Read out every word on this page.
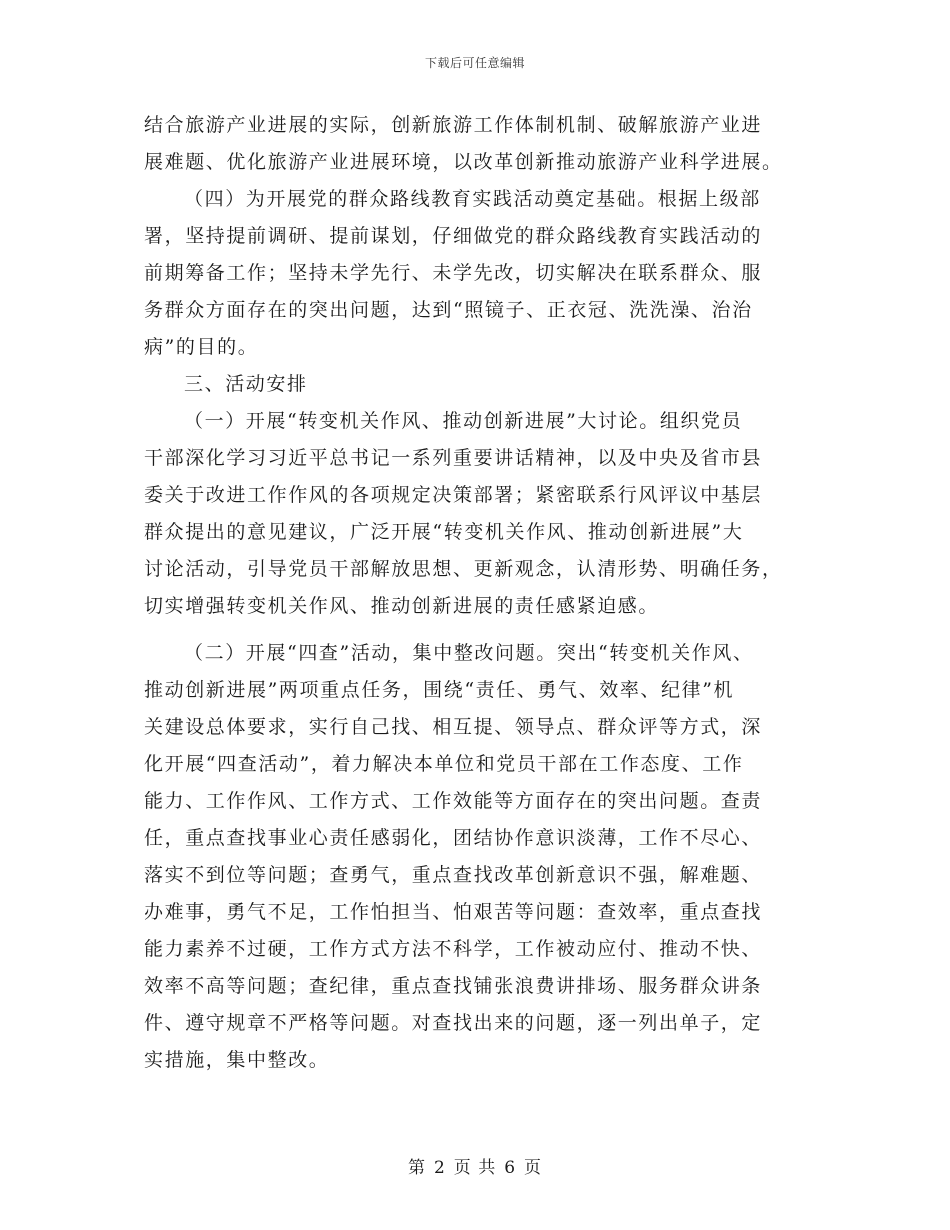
下载后可任意编辑

结合旅游产业进展的实际，创新旅游工作体制机制、破解旅游产业进

展难题、优化旅游产业进展环境，以改革创新推动旅游产业科学进展。

（四）为开展党的群众路线教育实践活动奠定基础。根据上级部

署，坚持提前调研、提前谋划，仔细做党的群众路线教育实践活动的

前期筹备工作；坚持未学先行、未学先改，切实解决在联系群众、服

务群众方面存在的突出问题，达到“照镜子、正衣冠、洗洗澡、治治

病”的目的。

三、活动安排

（一）开展“转变机关作风、推动创新进展”大讨论。组织党员

干部深化学习习近平总书记一系列重要讲话精神，以及中央及省市县

委关于改进工作作风的各项规定决策部署；紧密联系行风评议中基层

群众提出的意见建议，广泛开展“转变机关作风、推动创新进展”大

讨论活动，引导党员干部解放思想、更新观念，认清形势、明确任务，

切实增强转变机关作风、推动创新进展的责任感紧迫感。

（二）开展“四查”活动，集中整改问题。突出“转变机关作风、

推动创新进展”两项重点任务，围绕“责任、勇气、效率、纪律”机

关建设总体要求，实行自己找、相互提、领导点、群众评等方式，深

化开展“四查活动”，着力解决本单位和党员干部在工作态度、工作

能力、工作作风、工作方式、工作效能等方面存在的突出问题。查责

任，重点查找事业心责任感弱化，团结协作意识淡薄，工作不尽心、

落实不到位等问题；查勇气，重点查找改革创新意识不强，解难题、

办难事，勇气不足，工作怕担当、怕艰苦等问题：查效率，重点查找

能力素养不过硬，工作方式方法不科学，工作被动应付、推动不快、

效率不高等问题；查纪律，重点查找铺张浪费讲排场、服务群众讲条

件、遵守规章不严格等问题。对查找出来的问题，逐一列出单子，定

实措施，集中整改。

第 2 页 共 6 页
